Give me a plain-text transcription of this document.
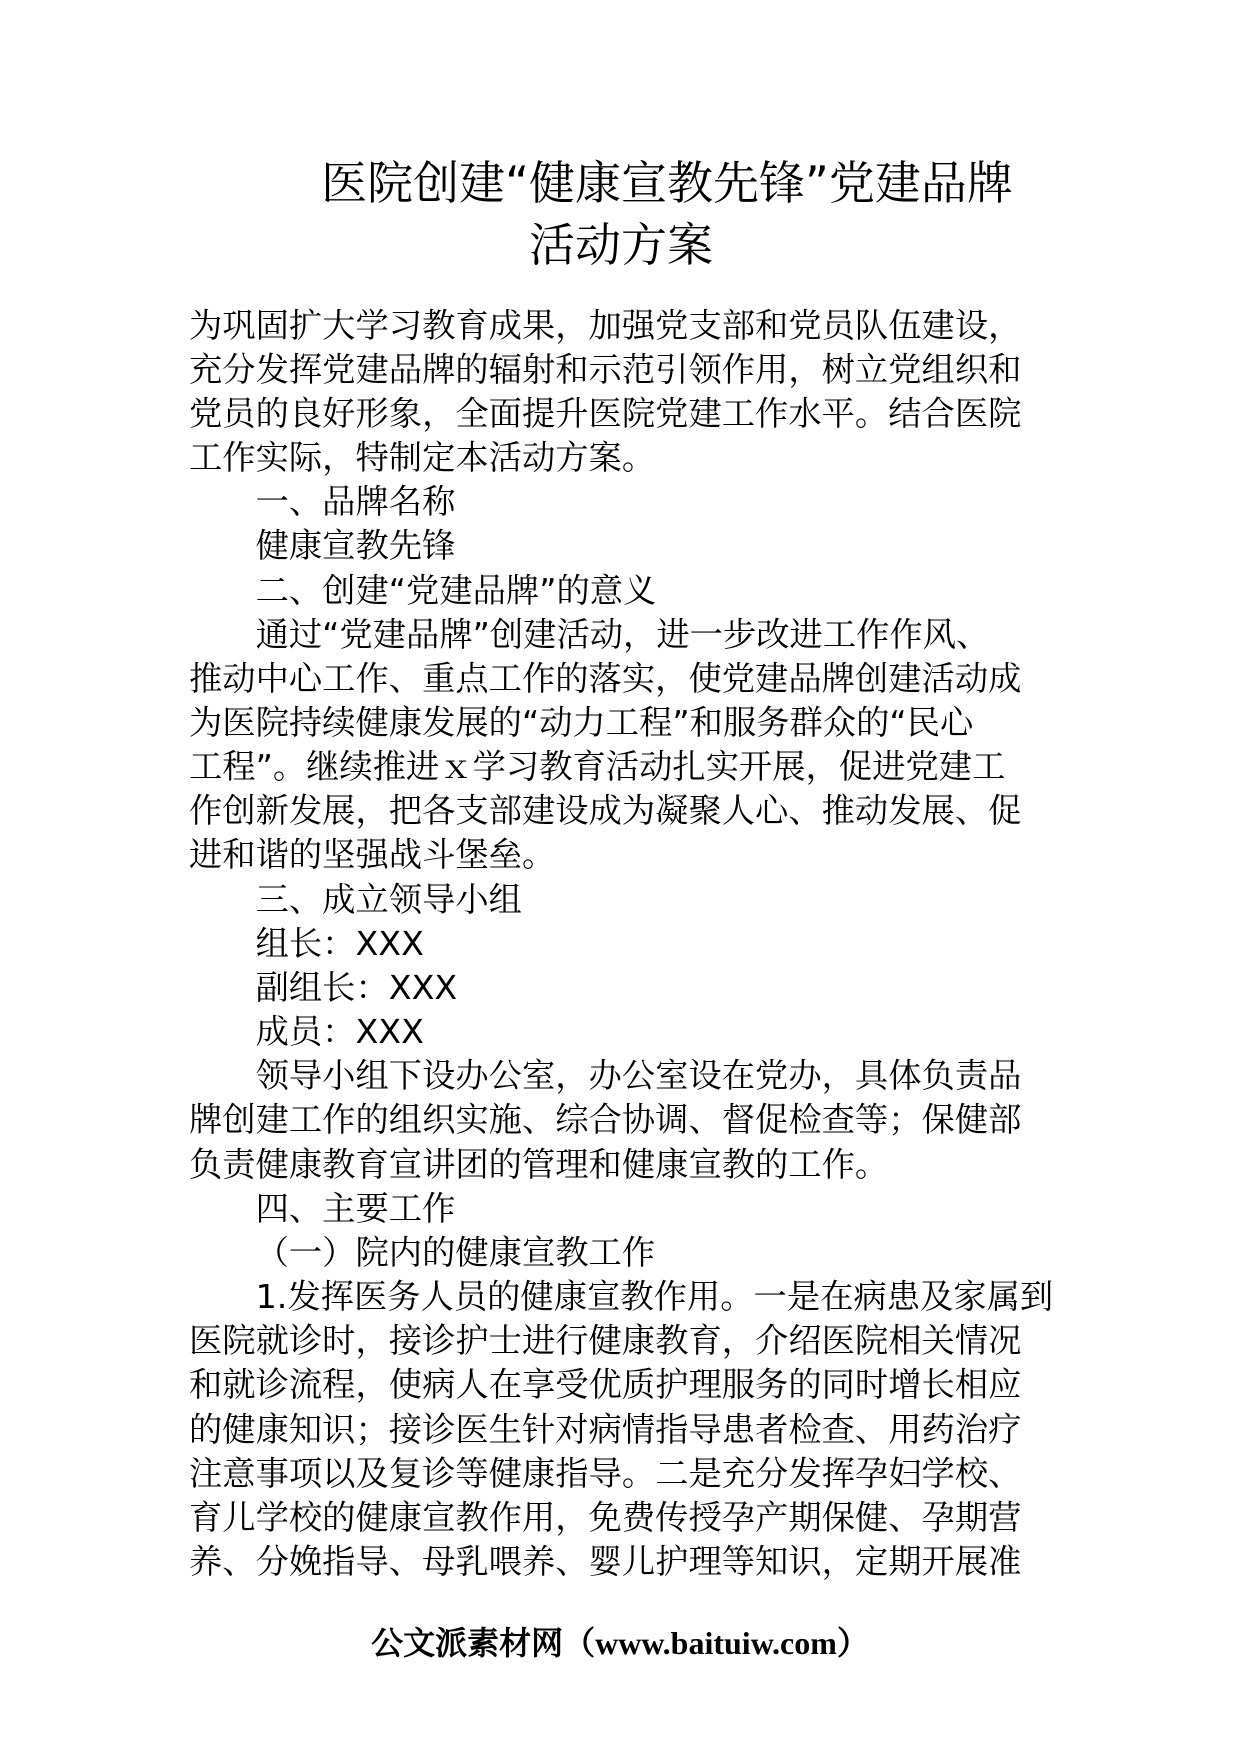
医院创建“健康宣教先锋”党建品牌
活动方案
为巩固扩大学习教育成果，加强党支部和党员队伍建设，
充分发挥党建品牌的辐射和示范引领作用，树立党组织和
党员的良好形象，全面提升医院党建工作水平。结合医院
工作实际，特制定本活动方案。
一、品牌名称
健康宣教先锋
二、创建“党建品牌”的意义
通过“党建品牌”创建活动，进一步改进工作作风、
推动中心工作、重点工作的落实，使党建品牌创建活动成
为医院持续健康发展的“动力工程”和服务群众的“民心
工程”。继续推进ｘ学习教育活动扎实开展，促进党建工
作创新发展，把各支部建设成为凝聚人心、推动发展、促
进和谐的坚强战斗堡垒。
三、成立领导小组
组长：XXX
副组长：XXX
成员：XXX
领导小组下设办公室，办公室设在党办，具体负责品
牌创建工作的组织实施、综合协调、督促检查等；保健部
负责健康教育宣讲团的管理和健康宣教的工作。
四、主要工作
（一）院内的健康宣教工作
1.发挥医务人员的健康宣教作用。一是在病患及家属到
医院就诊时，接诊护士进行健康教育，介绍医院相关情况
和就诊流程，使病人在享受优质护理服务的同时增长相应
的健康知识；接诊医生针对病情指导患者检查、用药治疗
注意事项以及复诊等健康指导。二是充分发挥孕妇学校、
育儿学校的健康宣教作用，免费传授孕产期保健、孕期营
养、分娩指导、母乳喂养、婴儿护理等知识，定期开展准
公文派素材网（www.baituiw.com）
